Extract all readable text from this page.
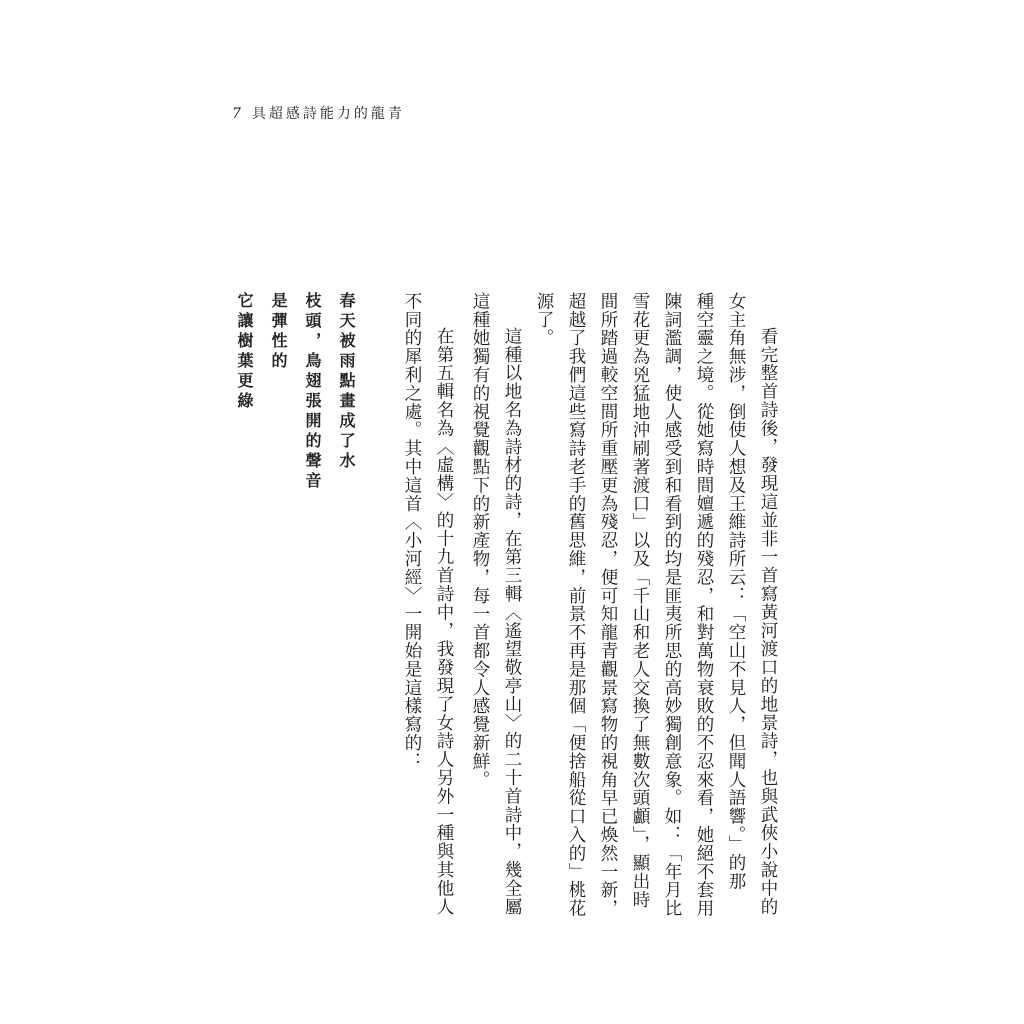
7 具超感詩能力的龍青
看完整首詩後，發現這並非一首寫黃河渡口的地景詩，也與武俠小說中的
女主角無涉，倒使人想及王維詩所云：「空山不見人，但聞人語響。」的那
種空靈之境。從她寫時間嬗遞的殘忍，和對萬物衰敗的不忍來看，她絕不套用
陳詞濫調，使人感受到和看到的均是匪夷所思的高妙獨創意象。如：「年月比
雪花更為兇猛地沖刷著渡口」以及「千山和老人交換了無數次頭顱」，顯出時
間所踏過較空間所重壓更為殘忍，便可知龍青觀景寫物的視角早已煥然一新，
超越了我們這些寫詩老手的舊思維，前景不再是那個「便捨船從口入的」桃花
源了。
這種以地名為詩材的詩，在第三輯〈遙望敬亭山〉的二十首詩中，幾全屬
這種她獨有的視覺觀點下的新產物，每一首都令人感覺新鮮。
在第五輯名為〈虛構〉的十九首詩中，我發現了女詩人另外一種與其他人
不同的犀利之處。其中這首〈小河經〉一開始是這樣寫的：
春天被雨點畫成了水
枝頭，鳥翅張開的聲音
是彈性的
它讓樹葉更綠
